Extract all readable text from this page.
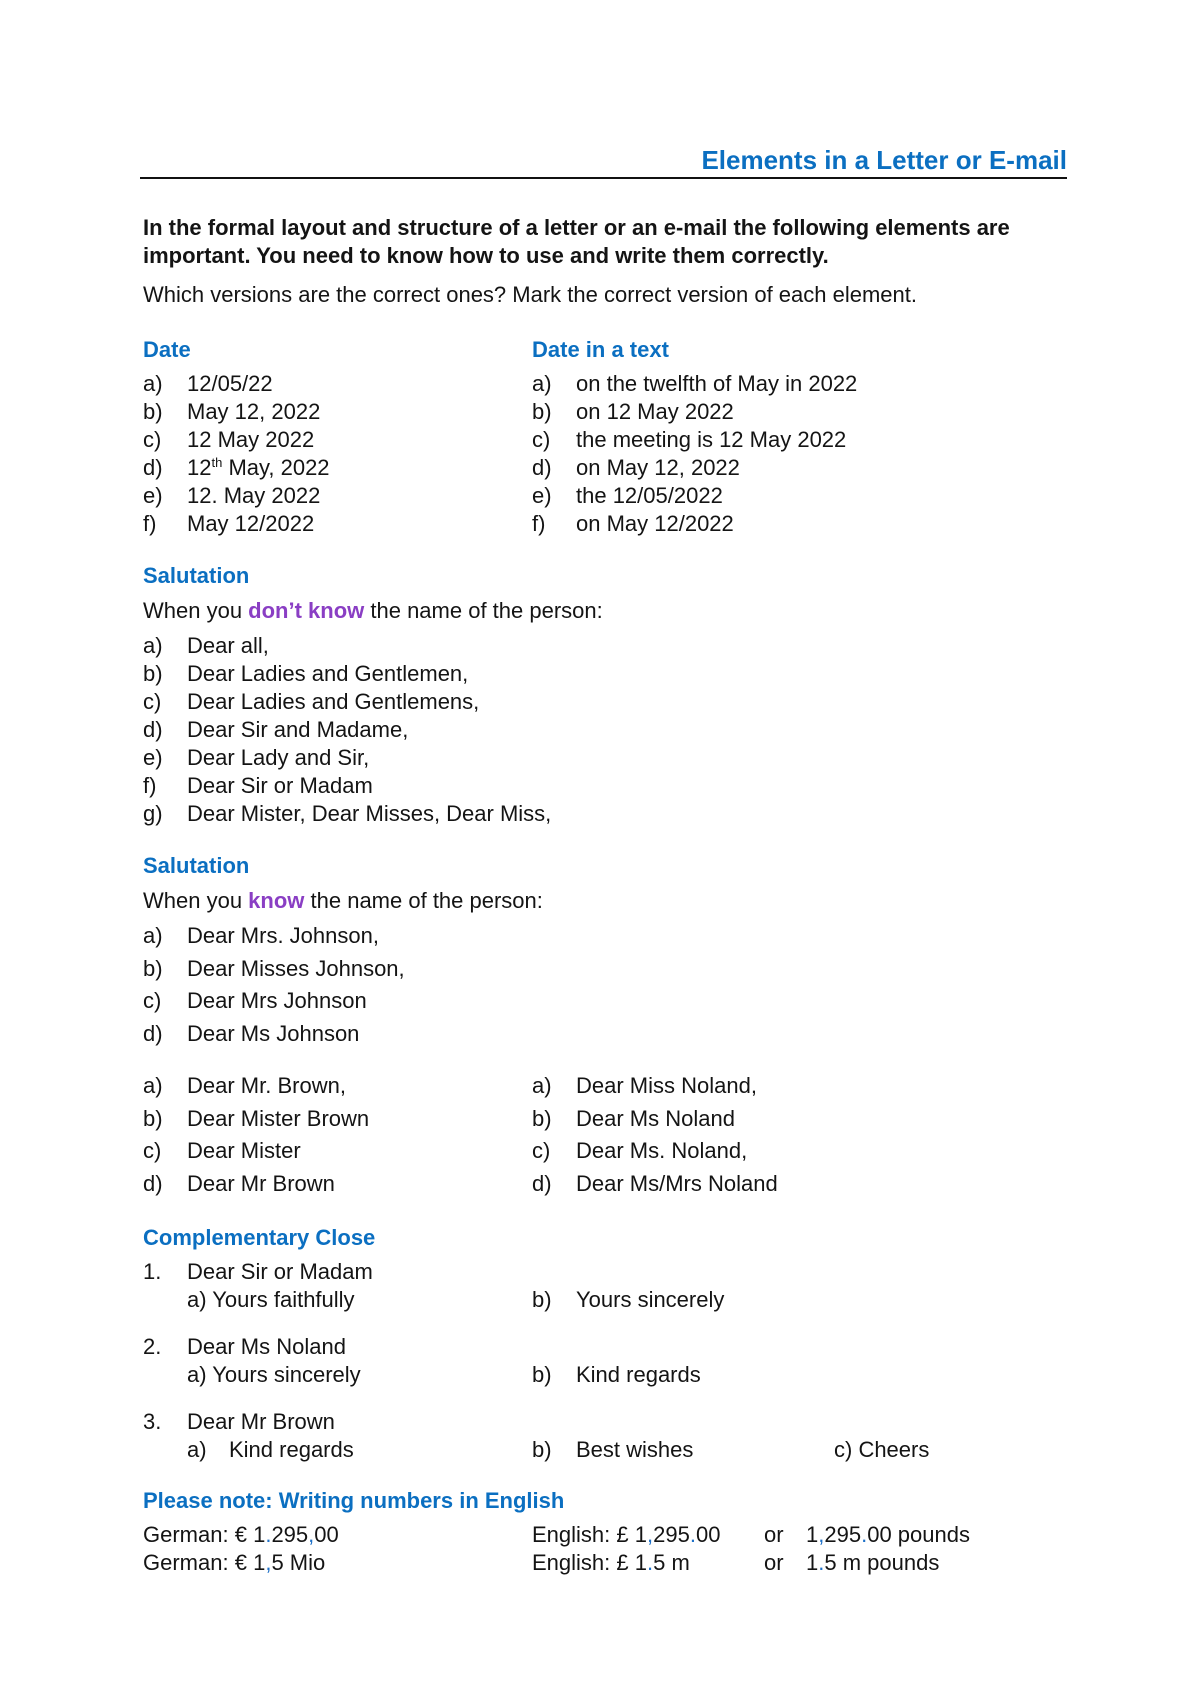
Elements in a Letter or E-mail
In the formal layout and structure of a letter or an e-mail the following elements are important. You need to know how to use and write them correctly.
Which versions are the correct ones? Mark the correct version of each element.
Date
a) 12/05/22
b) May 12, 2022
c) 12 May 2022
d) 12th May, 2022
e) 12. May 2022
f) May 12/2022
Date in a text
a) on the twelfth of May in 2022
b) on 12 May 2022
c) the meeting is 12 May 2022
d) on May 12, 2022
e) the 12/05/2022
f) on May 12/2022
Salutation
When you don’t know the name of the person:
a) Dear all,
b) Dear Ladies and Gentlemen,
c) Dear Ladies and Gentlemens,
d) Dear Sir and Madame,
e) Dear Lady and Sir,
f) Dear Sir or Madam
g) Dear Mister, Dear Misses, Dear Miss,
Salutation
When you know the name of the person:
a) Dear Mrs. Johnson,
b) Dear Misses Johnson,
c) Dear Mrs Johnson
d) Dear Ms Johnson
a) Dear Mr. Brown,
b) Dear Mister Brown
c) Dear Mister
d) Dear Mr Brown
a) Dear Miss Noland,
b) Dear Ms Noland
c) Dear Ms. Noland,
d) Dear Ms/Mrs Noland
Complementary Close
1. Dear Sir or Madam
a) Yours faithfully	b) Yours sincerely
2. Dear Ms Noland
a) Yours sincerely	b) Kind regards
3. Dear Mr Brown
a) Kind regards	b) Best wishes	c) Cheers
Please note: Writing numbers in English
German: € 1.295,00	English: £ 1,295.00 or 1,295.00 pounds
German: € 1,5 Mio	English: £ 1.5 m	or 1.5 m pounds
